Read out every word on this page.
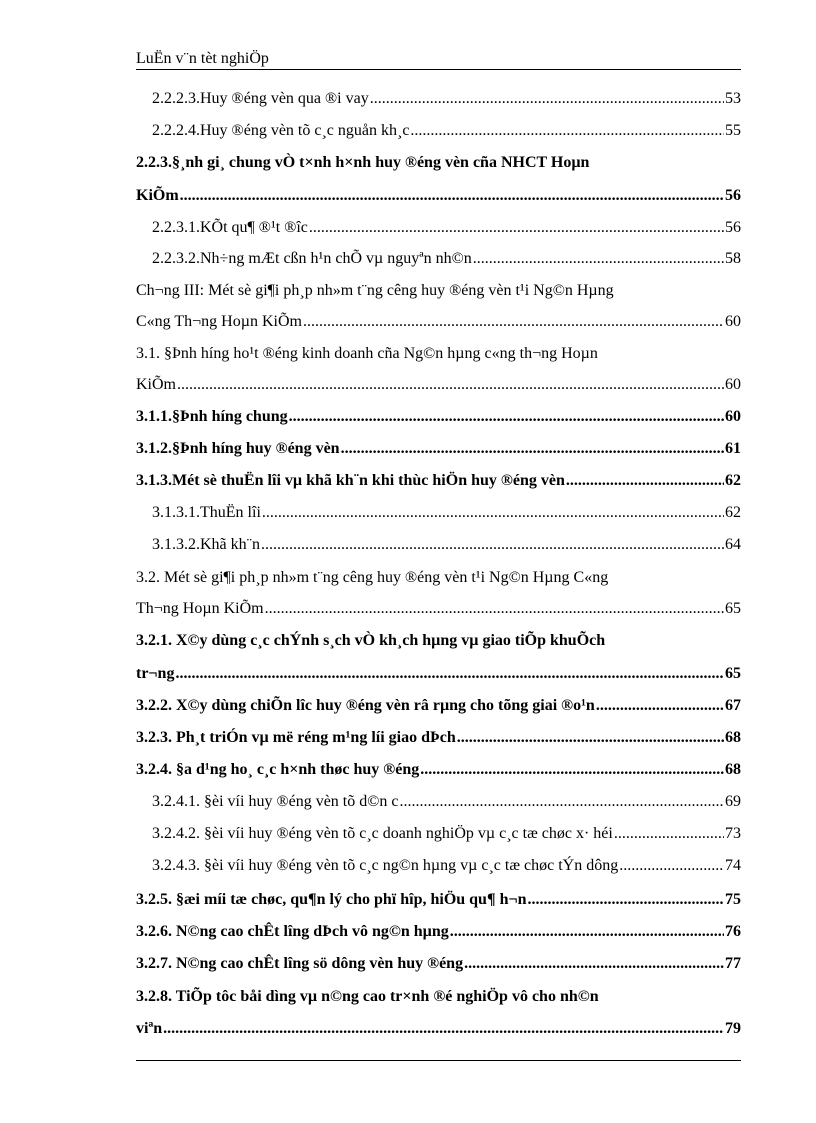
LuËn v¨n tèt nghiÖp
2.2.2.3.Huy ®éng vèn qua ®i vay .....	53
2.2.2.4.Huy ®éng vèn tõ c¸c nguån kh¸c .....	55
2.2.3.§¸nh gi¸ chung vÒ t×nh h×nh huy ®éng vèn cña NHCT Hoµn
KiÕm .....	56
2.2.3.1.KÕt qu¶ ®¹t ®îc .....	56
2.2.3.2.Nh÷ng mÆt cßn h¹n chÕ vµ nguyªn nh©n .....	58
Ch¬ng III: Mét sè gi¶i ph¸p nh»m t¨ng cêng huy ®éng vèn t¹i Ng©n Hµng
C«ng Th¬ng Hoµn KiÕm .....	60
3.1. §Þnh híng ho¹t ®éng kinh doanh cña Ng©n hµng c«ng th¬ng Hoµn
KiÕm .....	60
3.1.1.§Þnh híng chung .....	60
3.1.2.§Þnh híng huy ®éng vèn .....	61
3.1.3.Mét sè thuËn lîi vµ khã kh¨n khi thùc hiÖn huy ®éng vèn .....	62
3.1.3.1.ThuËn lîi .....	62
3.1.3.2.Khã kh¨n .....	64
3.2. Mét sè gi¶i ph¸p nh»m t¨ng cêng huy ®éng vèn t¹i Ng©n Hµng C«ng
Th¬ng Hoµn KiÕm .....	65
3.2.1. X©y dùng c¸c chÝnh s¸ch vÒ kh¸ch hµng vµ giao tiÕp khuÕch
tr¬ng .....	65
3.2.2. X©y dùng chiÕn lîc huy ®éng vèn râ rµng cho tõng giai ®o¹n .....	67
3.2.3. Ph¸t triÓn vµ më réng m¹ng líi giao dÞch .....	68
3.2.4. §a d¹ng ho¸ c¸c h×nh thøc huy ®éng .....	68
3.2.4.1. §èi víi huy ®éng vèn tõ d©n c .....	69
3.2.4.2. §èi víi huy ®éng vèn tõ c¸c doanh nghiÖp vµ c¸c tæ chøc x· héi .....	73
3.2.4.3. §èi víi huy ®éng vèn tõ c¸c ng©n hµng vµ c¸c tæ chøc tÝn dông .....	74
3.2.5. §æi míi tæ chøc, qu¶n lý cho phï hîp, hiÖu qu¶ h¬n .....	75
3.2.6. N©ng cao chÊt lîng dÞch vô ng©n hµng .....	76
3.2.7. N©ng cao chÊt lîng sö dông vèn huy ®éng .....	77
3.2.8. TiÕp tôc båi dìng vµ n©ng cao tr×nh ®é nghiÖp vô cho nh©n
viªn .....	79
